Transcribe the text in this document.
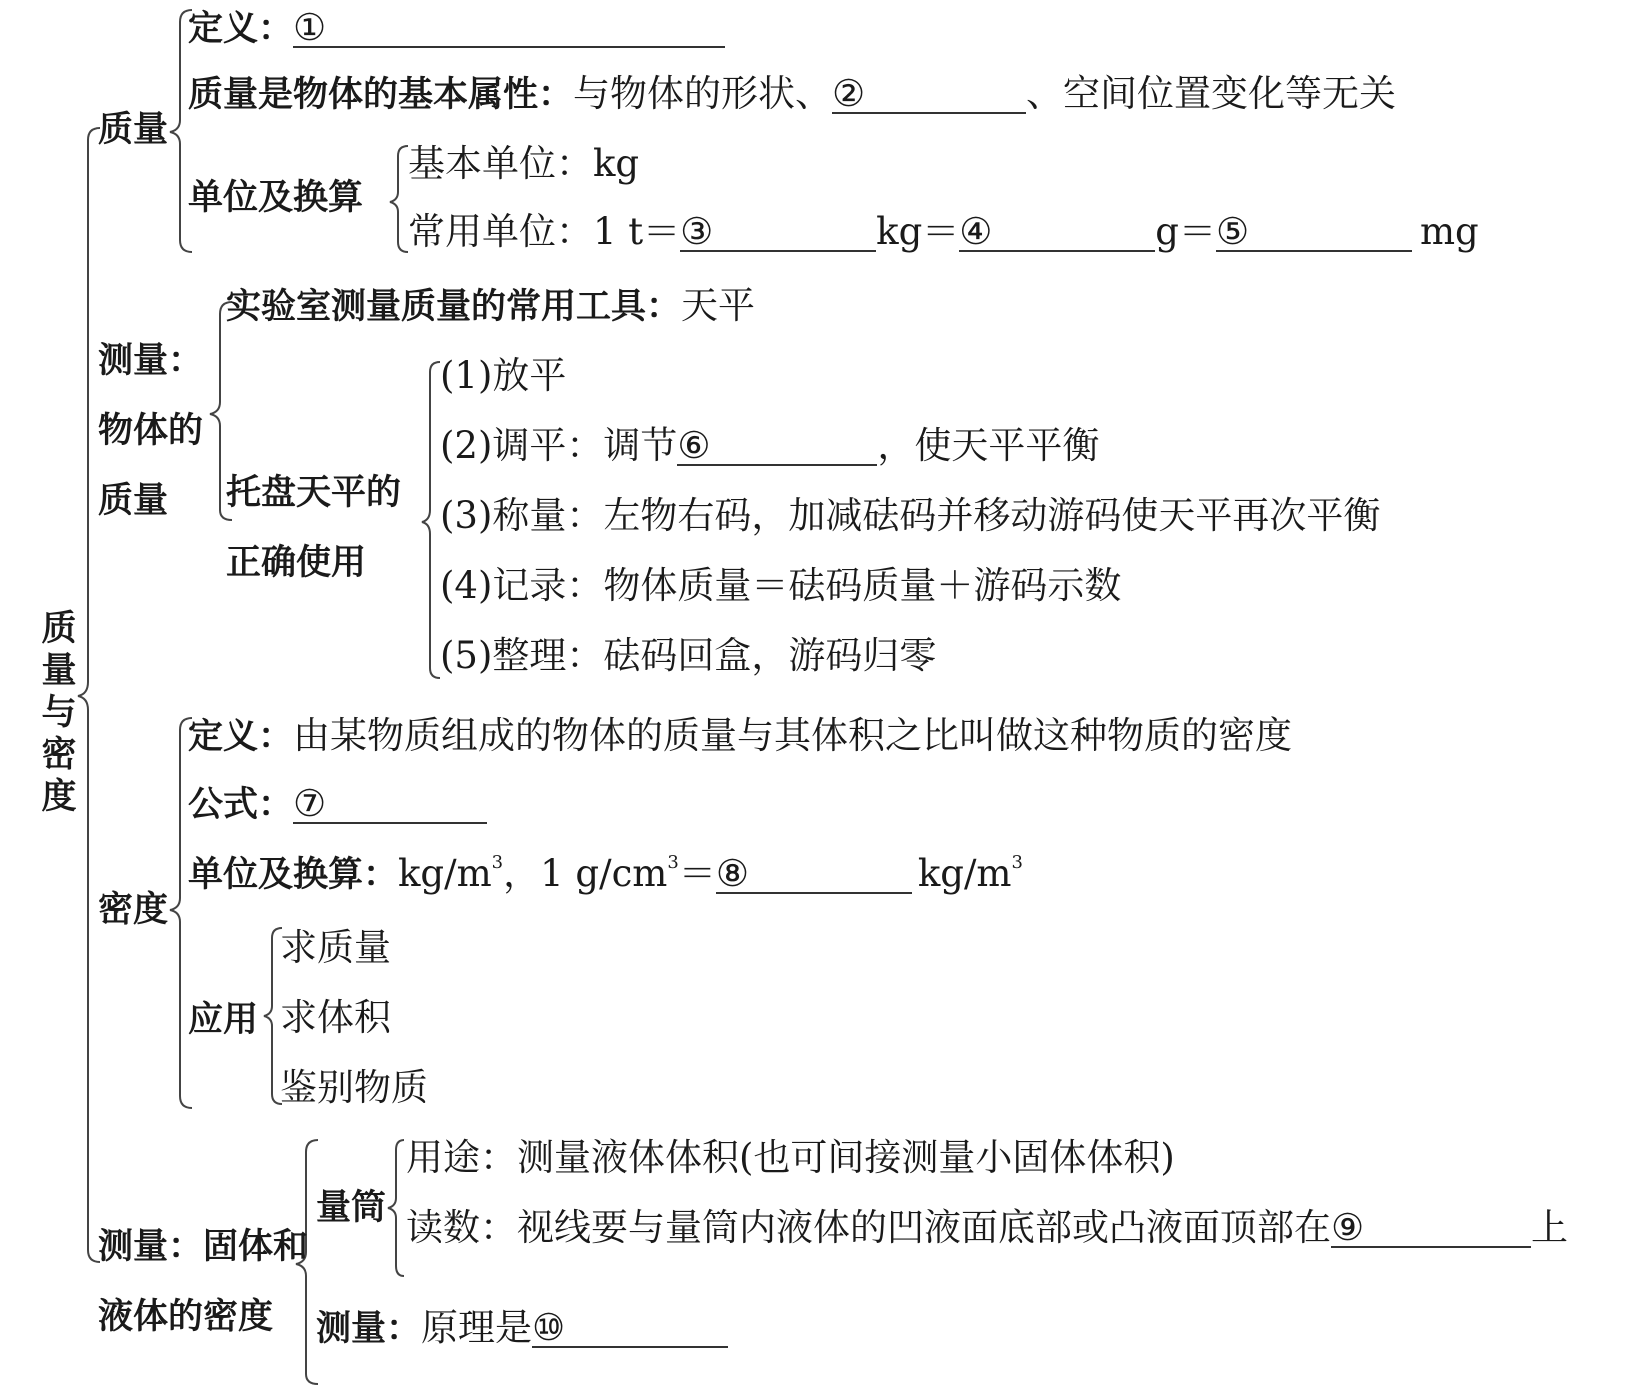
质
量
与
密
度
质量
定义：①
质量是物体的基本属性：与物体的形状、②	、空间位置变化等无关
单位及换算
基本单位：kg
常用单位：1 t＝③	kg＝④	g＝⑤	mg
测量：
物体的
质量
实验室测量质量的常用工具：天平
托盘天平的
正确使用
(1)放平
(2)调平：调节⑥	，使天平平衡
(3)称量：左物右码，加减砝码并移动游码使天平再次平衡
(4)记录：物体质量＝砝码质量＋游码示数
(5)整理：砝码回盒，游码归零
密度
定义：由某物质组成的物体的质量与其体积之比叫做这种物质的密度
公式：⑦
单位及换算：$kg/m^3$，1 $g/cm^3=⑧$	$kg/m^3$
应用
求质量
求体积
鉴别物质
测量：固体和
液体的密度
量筒
用途：测量液体体积(也可间接测量小固体体积)
读数：视线要与量筒内液体的凹液面底部或凸液面顶部在⑨	上
测量：原理是⑩
